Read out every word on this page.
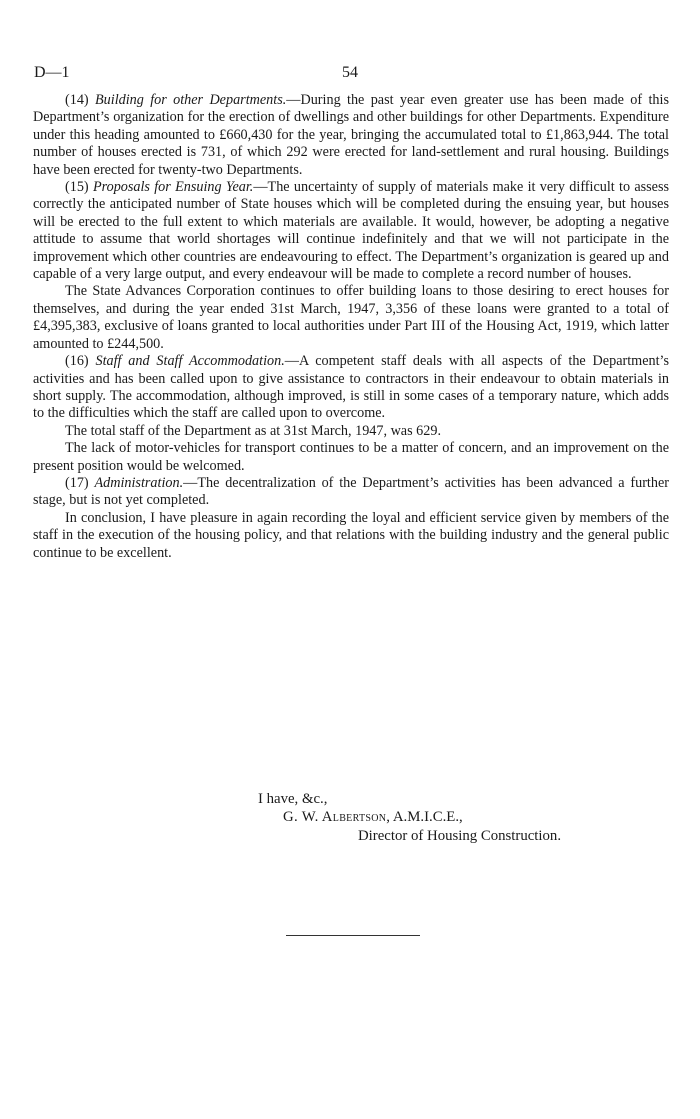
D—1	54

(14) Building for other Departments.—During the past year even greater use has been made of this Department’s organization for the erection of dwellings and other buildings for other Departments. Expenditure under this heading amounted to £660,430 for the year, bringing the accumulated total to £1,863,944. The total number of houses erected is 731, of which 292 were erected for land-settlement and rural housing. Buildings have been erected for twenty-two Departments.

(15) Proposals for Ensuing Year.—The uncertainty of supply of materials make it very difficult to assess correctly the anticipated number of State houses which will be completed during the ensuing year, but houses will be erected to the full extent to which materials are available. It would, however, be adopting a negative attitude to assume that world shortages will continue indefinitely and that we will not participate in the improvement which other countries are endeavouring to effect. The Department’s organization is geared up and capable of a very large output, and every endeavour will be made to complete a record number of houses.

The State Advances Corporation continues to offer building loans to those desiring to erect houses for themselves, and during the year ended 31st March, 1947, 3,356 of these loans were granted to a total of £4,395,383, exclusive of loans granted to local authorities under Part III of the Housing Act, 1919, which latter amounted to £244,500.

(16) Staff and Staff Accommodation.—A competent staff deals with all aspects of the Department’s activities and has been called upon to give assistance to contractors in their endeavour to obtain materials in short supply. The accommodation, although improved, is still in some cases of a temporary nature, which adds to the difficulties which the staff are called upon to overcome.

The total staff of the Department as at 31st March, 1947, was 629.

The lack of motor-vehicles for transport continues to be a matter of concern, and an improvement on the present position would be welcomed.

(17) Administration.—The decentralization of the Department’s activities has been advanced a further stage, but is not yet completed.

In conclusion, I have pleasure in again recording the loyal and efficient service given by members of the staff in the execution of the housing policy, and that relations with the building industry and the general public continue to be excellent.

I have, &c.,
G. W. Albertson, A.M.I.C.E.,
Director of Housing Construction.
